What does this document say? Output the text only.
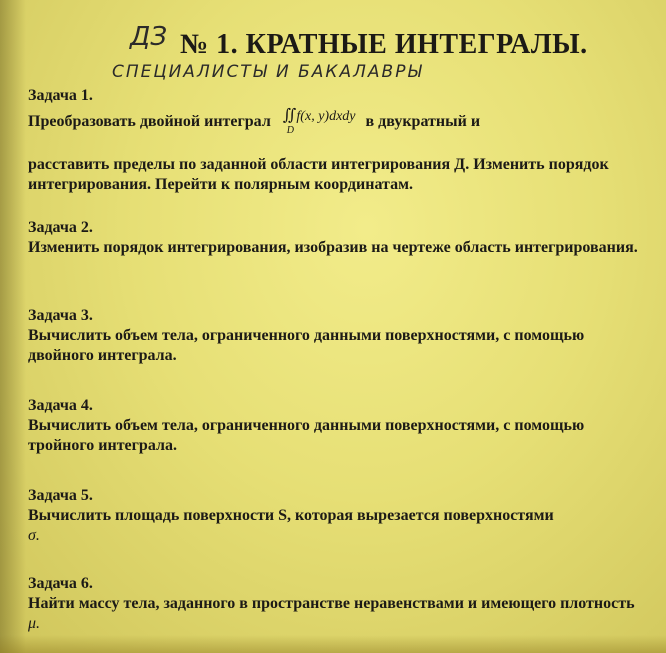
ДЗ № 1. КРАТНЫЕ ИНТЕГРАЛЫ.
СПЕЦИАЛИСТЫ И БАКАЛАВРЫ
Задача 1.
Преобразовать двойной интеграл ∬f(x, y)dxdy
D
в двукратный и
расставить пределы по заданной области интегрирования Д. Изменить порядок интегрирования. Перейти к полярным координатам.
Задача 2.
Изменить порядок интегрирования, изобразив на чертеже область интегрирования.
Задача 3.
Вычислить объем тела, ограниченного данными поверхностями, с помощью двойного интеграла.
Задача 4.
Вычислить объем тела, ограниченного данными поверхностями, с помощью тройного интеграла.
Задача 5.
Вычислить площадь поверхности S, которая вырезается поверхностями
σ.
Задача 6.
Найти массу тела, заданного в пространстве неравенствами и имеющего плотность μ.
